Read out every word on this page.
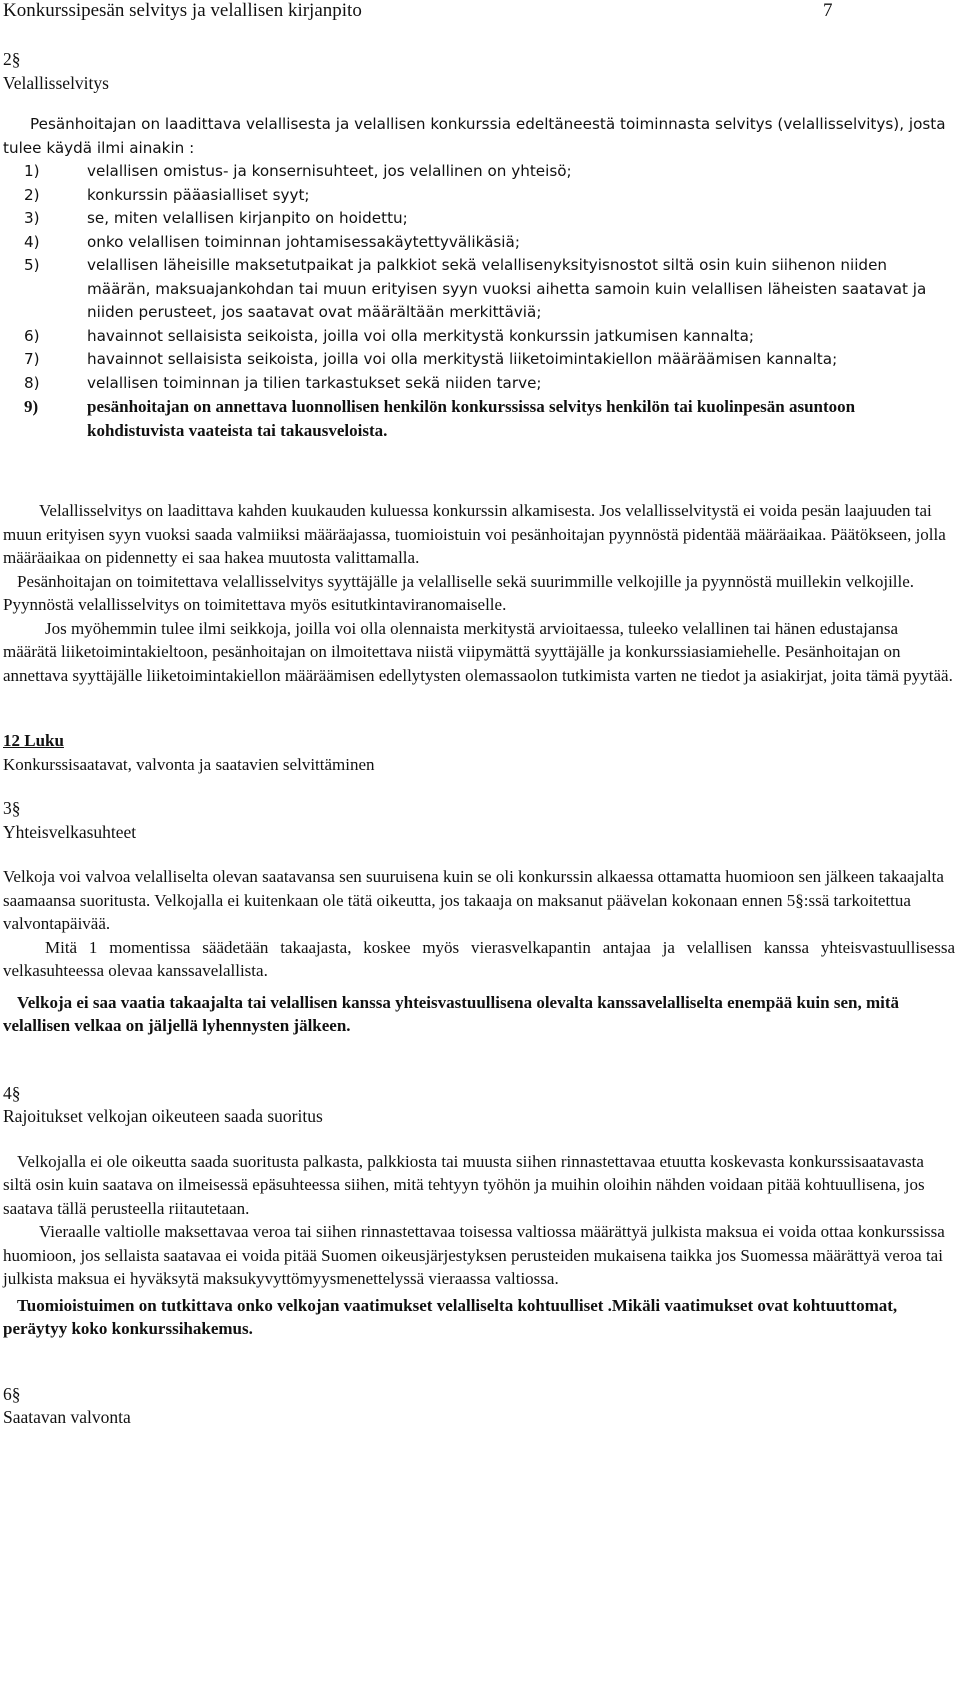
Konkurssipesän selvitys ja velallisen kirjanpito	7
2§
Velallisselvitys

Pesänhoitajan on laadittava velallisesta ja velallisen konkurssia edeltäneestä toiminnasta selvitys (velallisselvitys), josta tulee käydä ilmi ainakin :

1)	velallisen omistus- ja konsernisuhteet, jos velallinen on yhteisö;
2)	konkurssin pääasialliset syyt;
3)	se, miten velallisen kirjanpito on hoidettu;
4)	onko velallisen toiminnan johtamisessakäytettyvälikäsiä;
5)	velallisen läheisille maksetutpaikat ja palkkiot sekä velallisenyksityisnostot siltä osin kuin siihenon niiden määrän, maksuajankohdan tai muun erityisen syyn vuoksi aihetta samoin kuin velallisen läheisten saatavat ja niiden perusteet, jos saatavat ovat määrältään merkittäviä;
6)	havainnot sellaisista seikoista, joilla voi olla merkitystä konkurssin jatkumisen kannalta;
7)	havainnot sellaisista seikoista, joilla voi olla merkitystä liiketoimintakiellon määräämisen kannalta;
8)	velallisen toiminnan ja tilien tarkastukset sekä niiden tarve;
9)	pesänhoitajan on annettava luonnollisen henkilön konkurssissa selvitys henkilön tai kuolinpesän asuntoon kohdistuvista vaateista tai takausveloista.

Velallisselvitys on laadittava kahden kuukauden kuluessa konkurssin alkamisesta. Jos velallisselvitystä ei voida pesän laajuuden tai muun erityisen syyn vuoksi saada valmiiksi määräajassa, tuomioistuin voi pesänhoitajan pyynnöstä pidentää määräaikaa. Päätökseen, jolla määräaikaa on pidennetty ei saa hakea muutosta valittamalla.

Pesänhoitajan on toimitettava velallisselvitys syyttäjälle ja velalliselle sekä suurimmille velkojille ja pyynnöstä muillekin velkojille. Pyynnöstä velallisselvitys on toimitettava myös esitutkintaviranomaiselle.

Jos myöhemmin tulee ilmi seikkoja, joilla voi olla olennaista merkitystä arvioitaessa, tuleeko velallinen tai hänen edustajansa määrätä liiketoimintakieltoon, pesänhoitajan on ilmoitettava niistä viipymättä syyttäjälle ja konkurssiasiamiehelle. Pesänhoitajan on annettava syyttäjälle liiketoimintakiellon määräämisen edellytysten olemassaolon tutkimista varten ne tiedot ja asiakirjat, joita tämä pyytää.

12 Luku
Konkurssisaatavat, valvonta ja saatavien selvittäminen
3§
Yhteisvelkasuhteet

Velkoja voi valvoa velalliselta olevan saatavansa sen suuruisena kuin se oli konkurssin alkaessa ottamatta huomioon sen jälkeen takaajalta saamaansa suoritusta. Velkojalla ei kuitenkaan ole tätä oikeutta, jos takaaja on maksanut päävelan kokonaan ennen 5§:ssä tarkoitettua valvontapäivää.

Mitä 1 momentissa säädetään takaajasta, koskee myös vierasvelkapantin antajaa ja velallisen kanssa yhteisvastuullisessa velkasuhteessa olevaa kanssavelallista.

Velkoja ei saa vaatia takaajalta tai velallisen kanssa yhteisvastuullisena olevalta kanssavelalliselta enempää kuin sen, mitä velallisen velkaa on jäljellä lyhennysten jälkeen.

4§
Rajoitukset velkojan oikeuteen saada suoritus

Velkojalla ei ole oikeutta saada suoritusta palkasta, palkkiosta tai muusta siihen rinnastettavaa etuutta koskevasta konkurssisaatavasta siltä osin kuin saatava on ilmeisessä epäsuhteessa siihen, mitä tehtyyn työhön ja muihin oloihin nähden voidaan pitää kohtuullisena, jos saatava tällä perusteella riitautetaan.

Vieraalle valtiolle maksettavaa veroa tai siihen rinnastettavaa toisessa valtiossa määrättyä julkista maksua ei voida ottaa konkurssissa huomioon, jos sellaista saatavaa ei voida pitää Suomen oikeusjärjestyksen perusteiden mukaisena taikka jos Suomessa määrättyä veroa tai julkista maksua ei hyväksytä maksukyvyttömyysmenettelyssä vieraassa valtiossa.

Tuomioistuimen on tutkittava onko velkojan vaatimukset velalliselta kohtuulliset .Mikäli vaatimukset ovat kohtuuttomat, peräytyy koko konkurssihakemus.

6§
Saatavan valvonta
